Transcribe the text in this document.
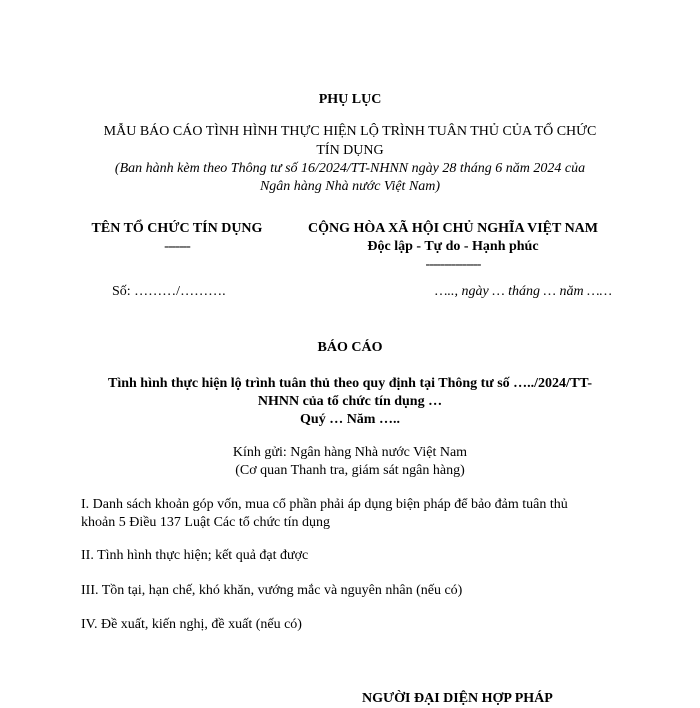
PHỤ LỤC
MẪU BÁO CÁO TÌNH HÌNH THỰC HIỆN LỘ TRÌNH TUÂN THỦ CỦA TỔ CHỨC
TÍN DỤNG
(Ban hành kèm theo Thông tư số 16/2024/TT-NHNN ngày 28 tháng 6 năm 2024 của
Ngân hàng Nhà nước Việt Nam)
TÊN TỔ CHỨC TÍN DỤNG
-------
Số: ………/……….
CỘNG HÒA XÃ HỘI CHỦ NGHĨA VIỆT NAM
Độc lập - Tự do - Hạnh phúc
---------------
….., ngày … tháng … năm ……
BÁO CÁO
Tình hình thực hiện lộ trình tuân thủ theo quy định tại Thông tư số …../2024/TT-
NHNN của tổ chức tín dụng …
Quý … Năm …..
Kính gửi: Ngân hàng Nhà nước Việt Nam
(Cơ quan Thanh tra, giám sát ngân hàng)
I. Danh sách khoản góp vốn, mua cổ phần phải áp dụng biện pháp để bảo đảm tuân thủ
khoản 5 Điều 137 Luật Các tổ chức tín dụng
II. Tình hình thực hiện; kết quả đạt được
III. Tồn tại, hạn chế, khó khăn, vướng mắc và nguyên nhân (nếu có)
IV. Đề xuất, kiến nghị, đề xuất (nếu có)
NGƯỜI ĐẠI DIỆN HỢP PHÁP
